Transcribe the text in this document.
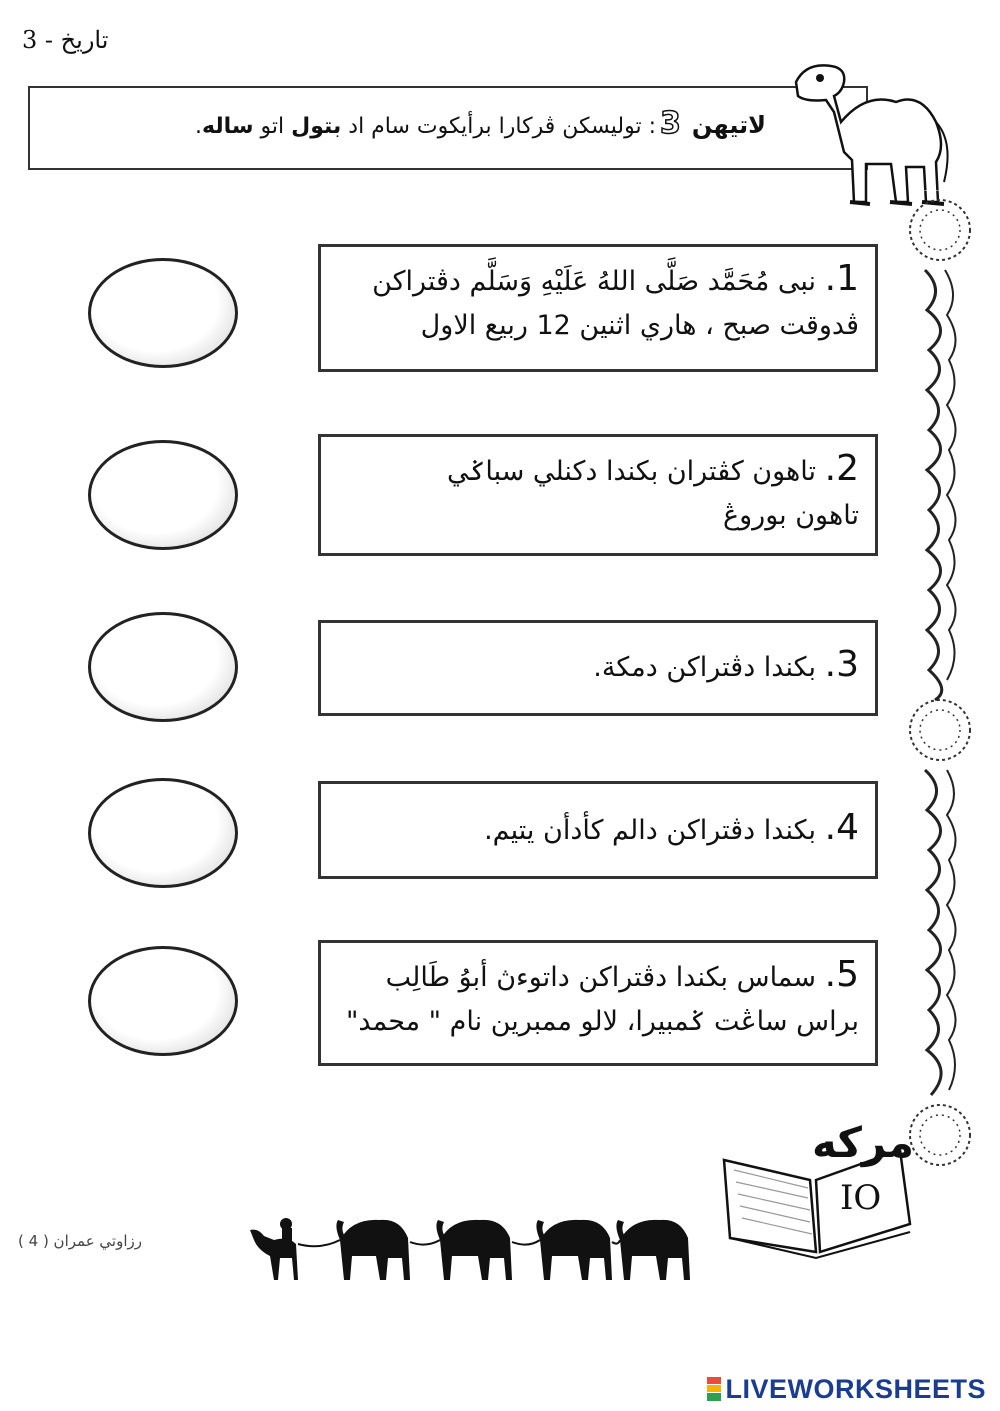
تاريخ - 3
لاتيهن 3: توليسكن ڤركارا برأيكوت سام اد بتول اتو ساله.
1. نبى مُحَمَّد صَلَّى اللهُ عَلَيْهِ وَسَلَّم دڤتراكن
ڤدوقت صبح ، هاري اثنين 12 ربيع الاول
2. تاهون كڤتران بكندا دكنلي سباݢي
تاهون بوروڠ
3. بكندا دڤتراكن دمكة.
4. بكندا دڤتراكن دالم كأدأن يتيم.
5. سماس بكندا دڤتراكن داتوءڽ أبوُ طَالِب
براس ساڠت ݢمبيرا، لالو ممبرين نام " محمد"
مركه
IO
رزاوتي عمران ( 4 )
LIVEWORKSHEETS
